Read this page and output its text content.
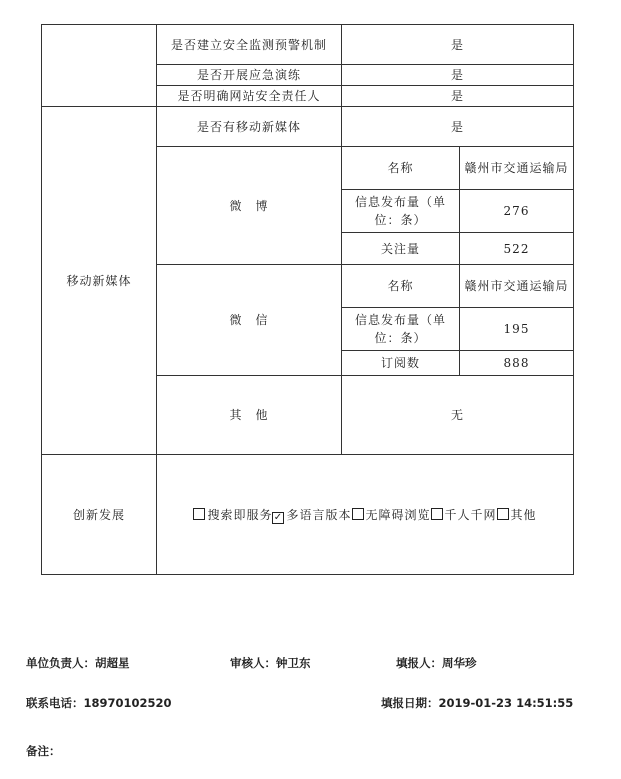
	是否建立安全监测预警机制	是	
	是否开展应急演练	是	
	是否明确网站安全责任人	是	
移动新媒体	是否有移动新媒体	是	
	微　博	名称	赣州市交通运输局
		信息发布量（单位：条）	276
		关注量	522
	微　信	名称	赣州市交通运输局
		信息发布量（单位：条）	195
		订阅数	888
	其　他	无	
创新发展	搜索即服务✓ 多语言版本 无障碍浏览 千人千网 其他		
单位负责人：胡超星	审核人：钟卫东	填报人：周华珍
联系电话：18970102520	填报日期：2019-01-23 14:51:55
备注：
